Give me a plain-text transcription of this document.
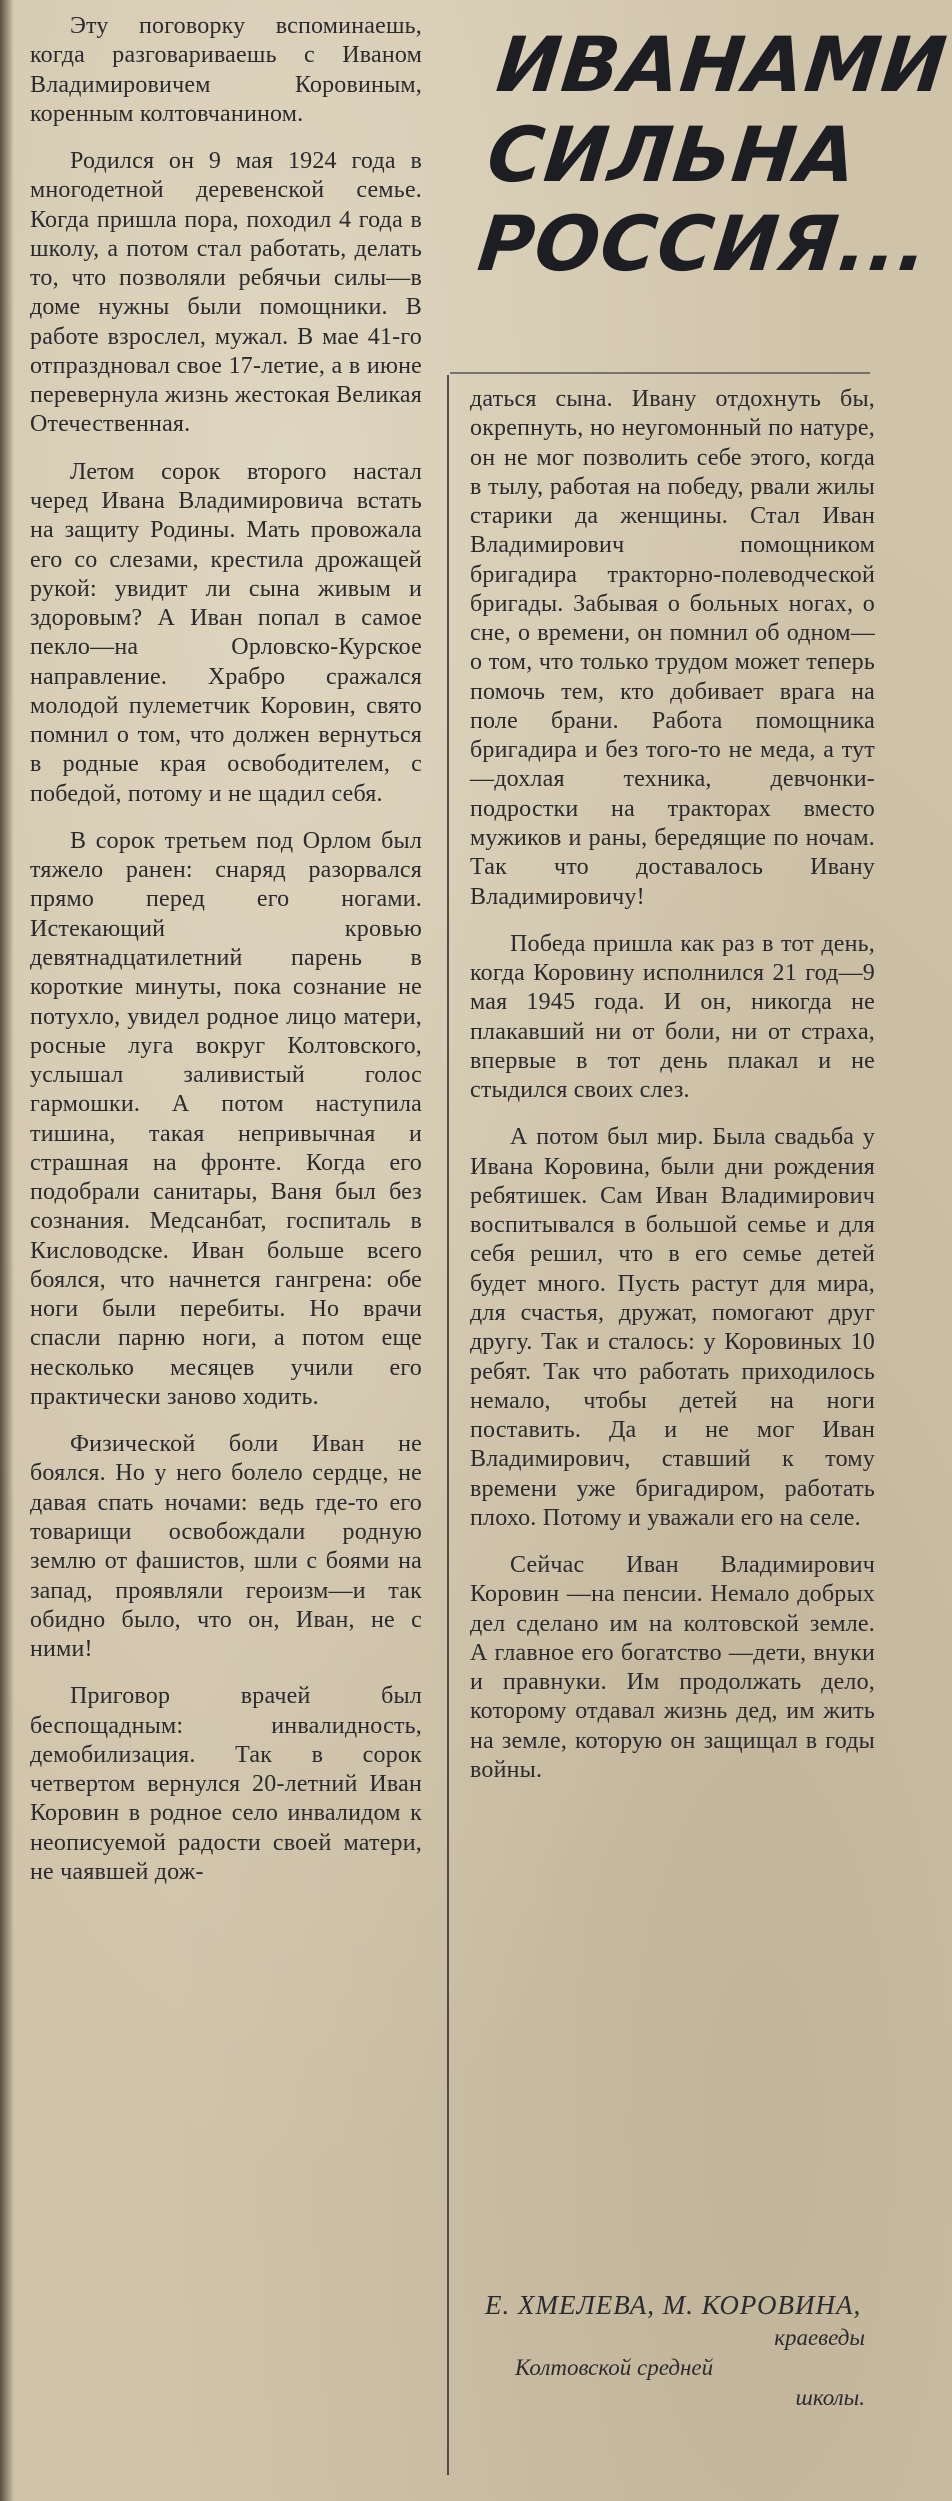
Эту поговорку вспоминаешь, когда разговариваешь с Иваном Владимировичем Коровиным, коренным колтовчанином.

Родился он 9 мая 1924 года в многодетной деревенской семье. Когда пришла пора, походил 4 года в школу, а потом стал работать, делать то, что позволяли ребячьи силы—в доме нужны были помощники. В работе взрослел, мужал. В мае 41-го отпраздновал свое 17-летие, а в июне перевернула жизнь жестокая Великая Отечественная.

Летом сорок второго настал черед Ивана Владимировича встать на защиту Родины. Мать провожала его со слезами, крестила дрожащей рукой: увидит ли сына живым и здоровым? А Иван попал в самое пекло—на Орловско-Курское направление. Храбро сражался молодой пулеметчик Коровин, свято помнил о том, что должен вернуться в родные края освободителем, с победой, потому и не щадил себя.

В сорок третьем под Орлом был тяжело ранен: снаряд разорвался прямо перед его ногами. Истекающий кровью девятнадцатилетний парень в короткие минуты, пока сознание не потухло, увидел родное лицо матери, росные луга вокруг Колтовского, услышал заливистый голос гармошки. А потом наступила тишина, такая непривычная и страшная на фронте. Когда его подобрали санитары, Ваня был без сознания. Медсанбат, госпиталь в Кисловодске. Иван больше всего боялся, что начнется гангрена: обе ноги были перебиты. Но врачи спасли парню ноги, а потом еще несколько месяцев учили его практически заново ходить.

Физической боли Иван не боялся. Но у него болело сердце, не давая спать ночами: ведь где-то его товарищи освобождали родную землю от фашистов, шли с боями на запад, проявляли героизм—и так обидно было, что он, Иван, не с ними!

Приговор врачей был беспощадным: инвалидность, демобилизация. Так в сорок четвертом вернулся 20-летний Иван Коровин в родное село инвалидом к неописуемой радости своей матери, не чаявшей дож-

ИВАНАМИ
СИЛЬНА
РОССИЯ...

даться сына. Ивану отдохнуть бы, окрепнуть, но неугомонный по натуре, он не мог позволить себе этого, когда в тылу, работая на победу, рвали жилы старики да женщины. Стал Иван Владимирович помощником бригадира тракторно-полеводческой бригады. Забывая о больных ногах, о сне, о времени, он помнил об одном—о том, что только трудом может теперь помочь тем, кто добивает врага на поле брани. Работа помощника бригадира и без того-то не меда, а тут—дохлая техника, девчонки-подростки на тракторах вместо мужиков и раны, бередящие по ночам. Так что доставалось Ивану Владимировичу!

Победа пришла как раз в тот день, когда Коровину исполнился 21 год—9 мая 1945 года. И он, никогда не плакавший ни от боли, ни от страха, впервые в тот день плакал и не стыдился своих слез.

А потом был мир. Была свадьба у Ивана Коровина, были дни рождения ребятишек. Сам Иван Владимирович воспитывался в большой семье и для себя решил, что в его семье детей будет много. Пусть растут для мира, для счастья, дружат, помогают друг другу. Так и сталось: у Коровиных 10 ребят. Так что работать приходилось немало, чтобы детей на ноги поставить. Да и не мог Иван Владимирович, ставший к тому времени уже бригадиром, работать плохо. Потому и уважали его на селе.

Сейчас Иван Владимирович Коровин —на пенсии. Немало добрых дел сделано им на колтовской земле. А главное его богатство —дети, внуки и правнуки. Им продолжать дело, которому отдавал жизнь дед, им жить на земле, которую он защищал в годы войны.

Е. ХМЕЛЕВА, М. КОРОВИНА,
краеведы
Колтовской средней
школы.
